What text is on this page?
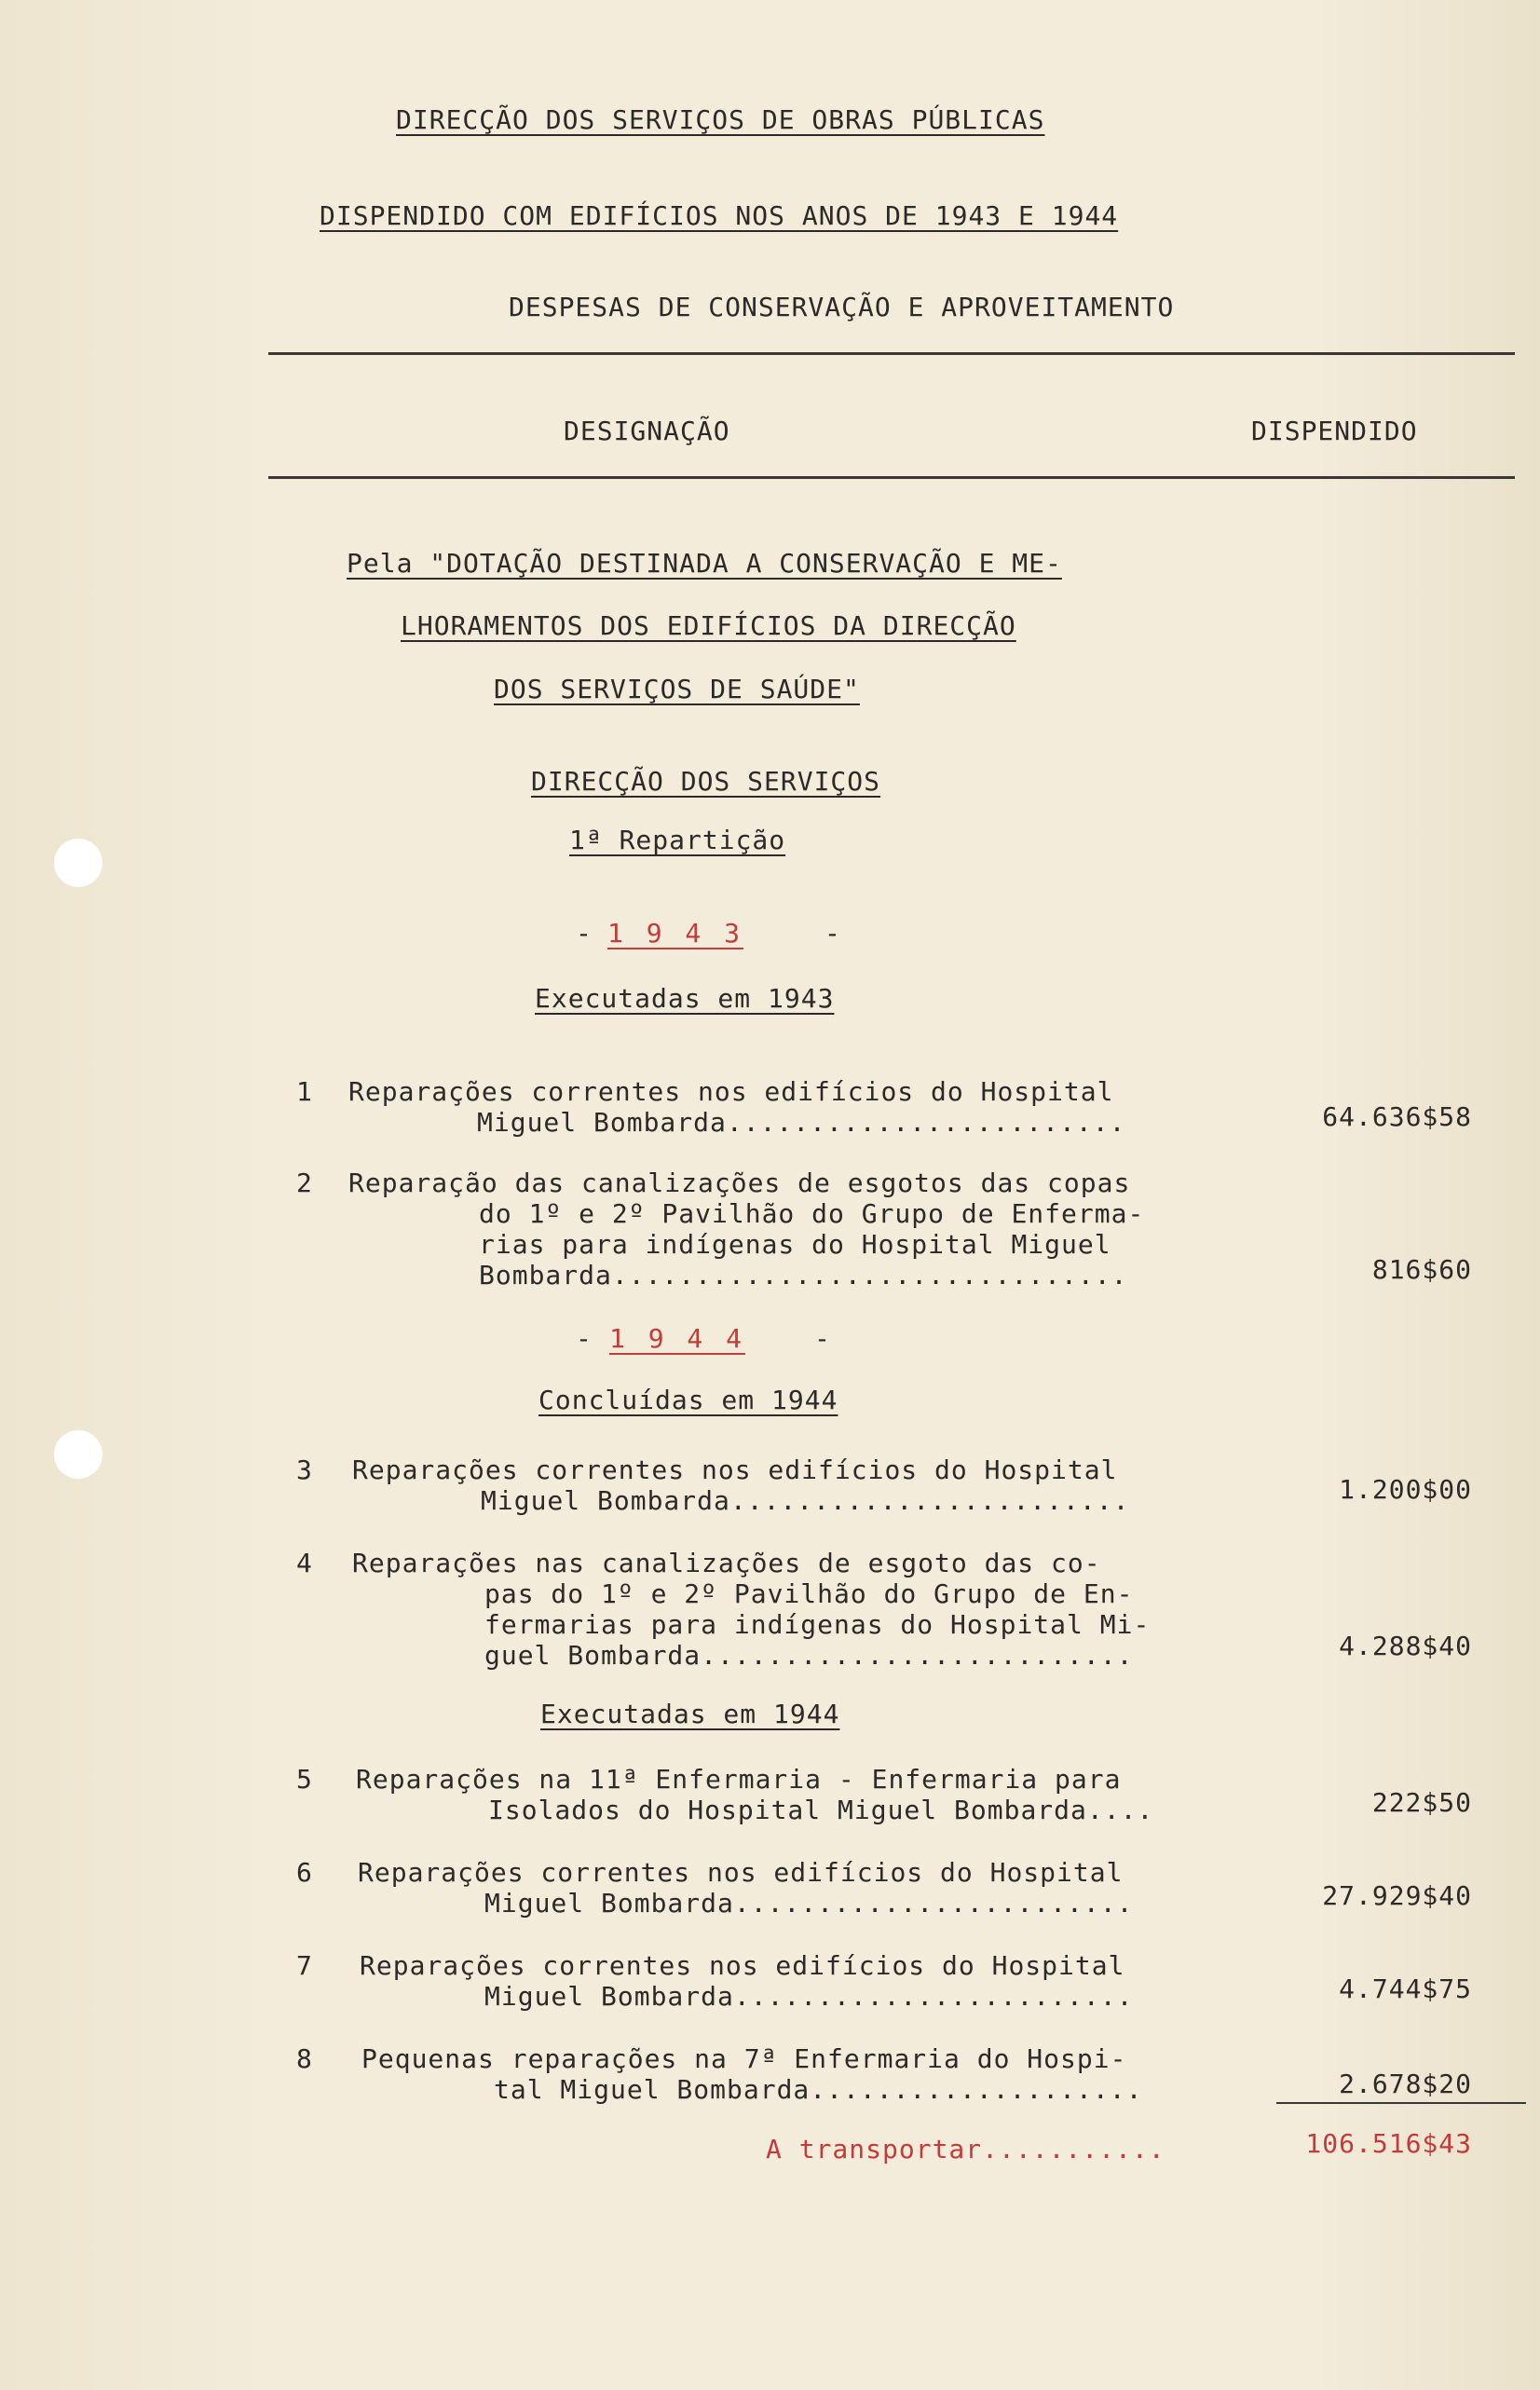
DIRECÇÃO DOS SERVIÇOS DE OBRAS PÚBLICAS
DISPENDIDO COM EDIFÍCIOS NOS ANOS DE 1943 E 1944
DESPESAS DE CONSERVAÇÃO E APROVEITAMENTO
DESIGNAÇÃO	DISPENDIDO
Pela "DOTAÇÃO DESTINADA A CONSERVAÇÃO E ME-
LHORAMENTOS DOS EDIFÍCIOS DA DIRECÇÃO
DOS SERVIÇOS DE SAÚDE"
DIRECÇÃO DOS SERVIÇOS
1ª Repartição
- 1 9 4 3	-
Executadas em 1943
1 Reparações correntes nos edifícios do Hospital
Miguel Bombarda........................	64.636$58
2 Reparação das canalizações de esgotos das copas
do 1º e 2º Pavilhão do Grupo de Enferma-
rias para indígenas do Hospital Miguel
Bombarda...............................	816$60
- 1 9 4 4	-
Concluídas em 1944
3 Reparações correntes nos edifícios do Hospital
Miguel Bombarda........................	1.200$00
4 Reparações nas canalizações de esgoto das co-
pas do 1º e 2º Pavilhão do Grupo de En-
fermarias para indígenas do Hospital Mi-
guel Bombarda..........................	4.288$40
Executadas em 1944
5 Reparações na 11ª Enfermaria - Enfermaria para
Isolados do Hospital Miguel Bombarda....	222$50
6 Reparações correntes nos edifícios do Hospital
Miguel Bombarda........................	27.929$40
7 Reparações correntes nos edifícios do Hospital
Miguel Bombarda........................	4.744$75
8 Pequenas reparações na 7ª Enfermaria do Hospi-
tal Miguel Bombarda....................	2.678$20
A transportar...........	106.516$43
